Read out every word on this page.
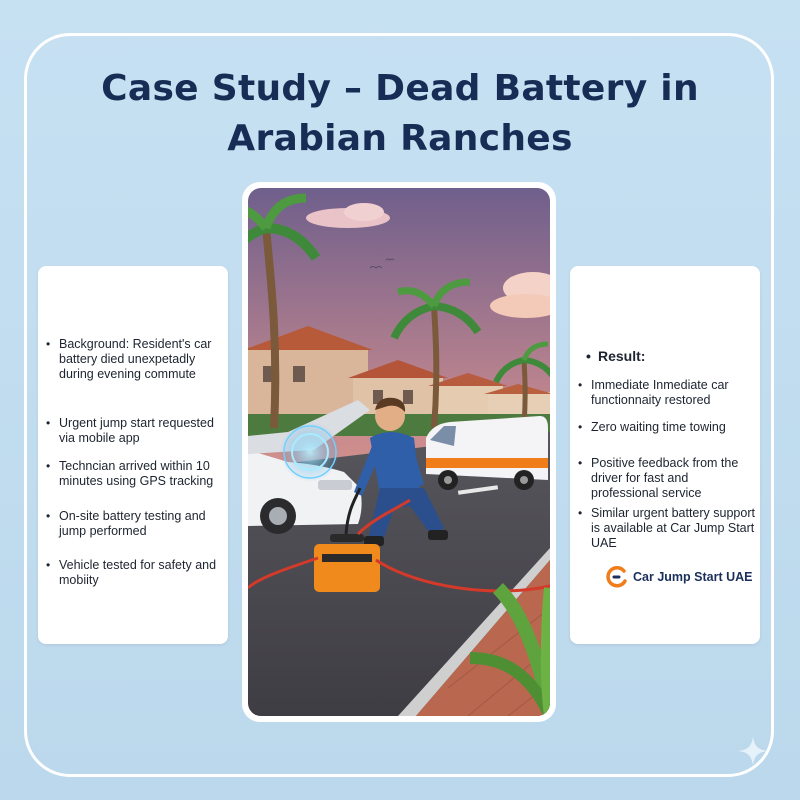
Case Study – Dead Battery in Arabian Ranches
• Background: Resident's car battery died unexpetadly during evening commute
• Urgent jump start requested via mobile app
• Techncian arrived within 10 minutes using GPS tracking
• On-site battery testing and jump performed
• Vehicle tested for safety and mobiity
• Result:
• Immediate Inmediate car functionnaity restored
• Zero waiting time towing
• Positive feedback from the driver for fast and professional service
• Similar urgent battery support is available at Car Jump Start UAE
Car Jump Start UAE
